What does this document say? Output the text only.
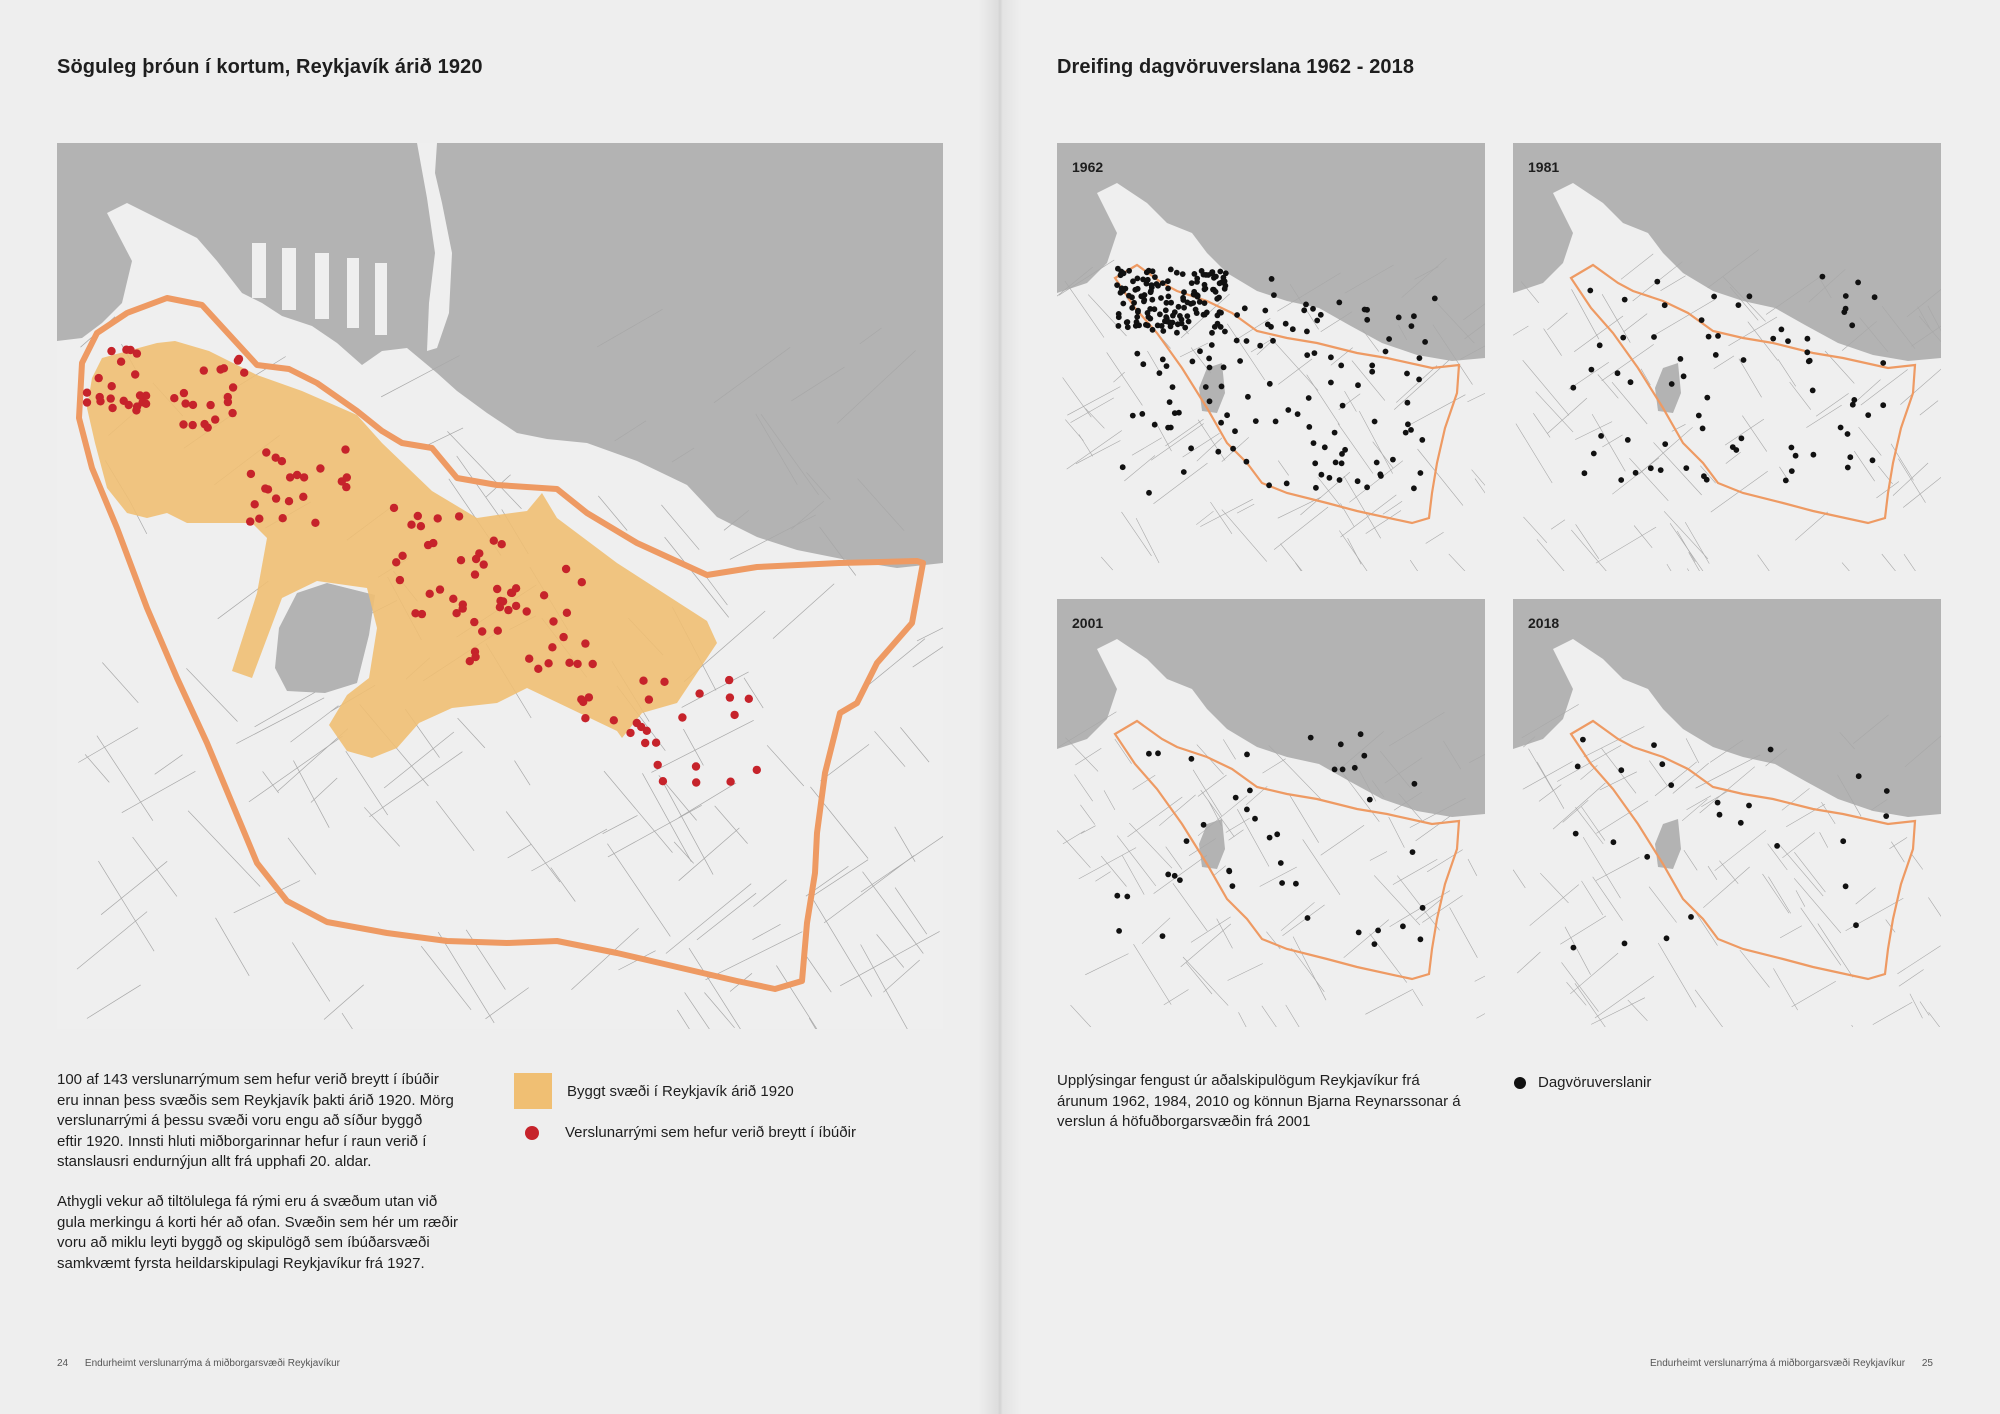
Söguleg þróun í kortum, Reykjavík árið 1920

100 af 143 verslunarrýmum sem hefur verið breytt í íbúðir
eru innan þess svæðis sem Reykjavík þakti árið 1920. Mörg
verslunarrými á þessu svæði voru engu að síður byggð
eftir 1920. Innsti hluti miðborgarinnar hefur í raun verið í
stanslausri endurnýjun allt frá upphafi 20. aldar.

Athygli vekur að tiltölulega fá rými eru á svæðum utan við
gula merkingu á korti hér að ofan. Svæðin sem hér um ræðir
voru að miklu leyti byggð og skipulögð sem íbúðarsvæði
samkvæmt fyrsta heildarskipulagi Reykjavíkur frá 1927.

Byggt svæði í Reykjavík árið 1920
Verslunarrými sem hefur verið breytt í íbúðir
24 Endurheimt verslunarrýma á miðborgarsvæði Reykjavíkur
Dreifing dagvöruverslana 1962 - 2018
1962	1981
2001	2018

Upplýsingar fengust úr aðalskipulögum Reykjavíkur frá
árunum 1962, 1984, 2010 og könnun Bjarna Reynarssonar á
verslun á höfuðborgarsvæðin frá 2001

Dagvöruverslanir
Endurheimt verslunarrýma á miðborgarsvæði Reykjavíkur 25
